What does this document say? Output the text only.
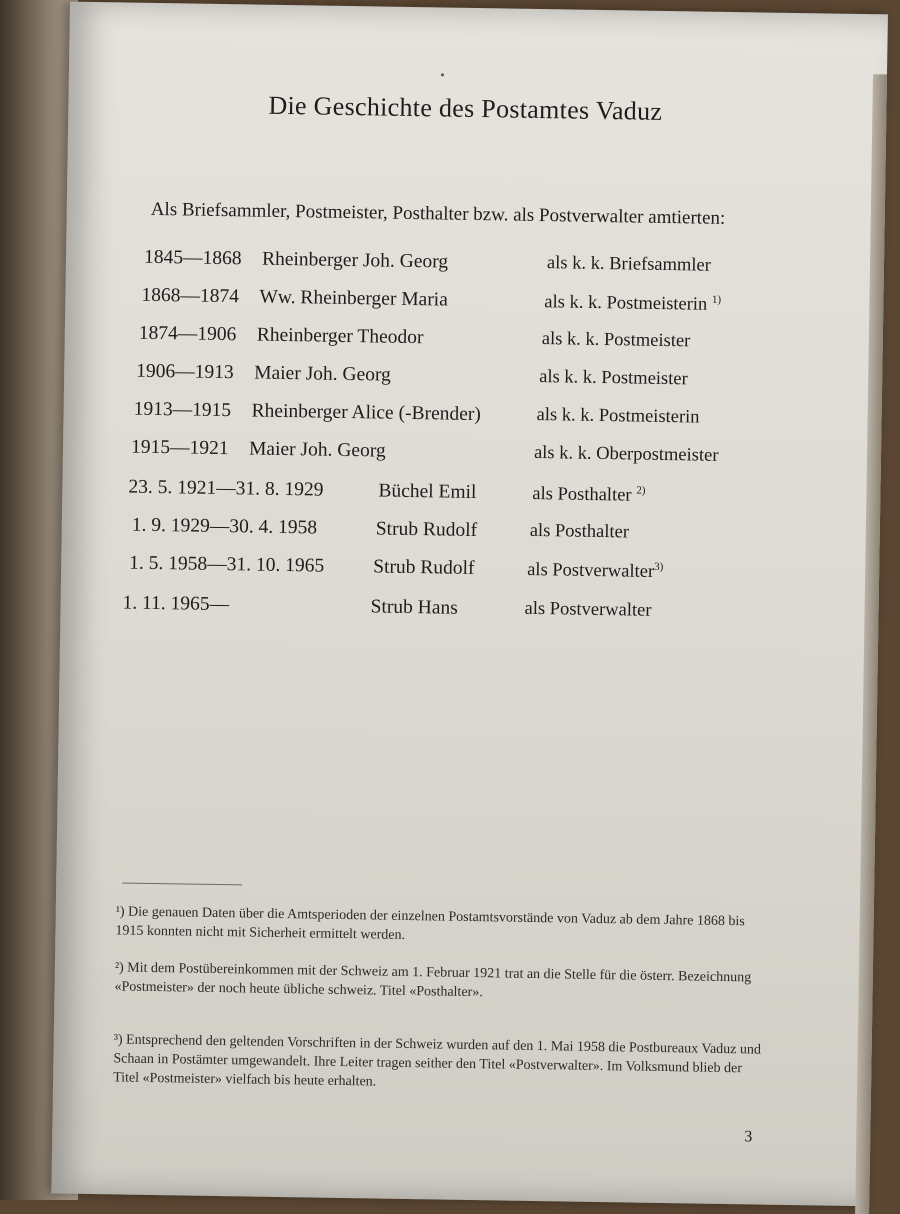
Die Geschichte des Postamtes Vaduz
Als Briefsammler, Postmeister, Posthalter bzw. als Postverwalter amtierten:
1845—1868 Rheinberger Joh. Georg	als k. k. Briefsammler
1868—1874 Ww. Rheinberger Maria	als k. k. Postmeisterin $^{1)}$
1874—1906 Rheinberger Theodor	als k. k. Postmeister
1906—1913 Maier Joh. Georg	als k. k. Postmeister
1913—1915 Rheinberger Alice (-Brender)	als k. k. Postmeisterin
1915—1921 Maier Joh. Georg	als k. k. Oberpostmeister
23. 5. 1921—31. 8. 1929	Büchel Emil	als Posthalter $^{2)}$
1. 9. 1929—30. 4. 1958	Strub Rudolf	als Posthalter
1. 5. 1958—31. 10. 1965 Strub Rudolf	als Postverwalter$^{3)}$
1. 11. 1965—	Strub Hans	als Postverwalter
¹) Die genauen Daten über die Amtsperioden der einzelnen Postamtsvorstände von Vaduz ab dem Jahre 1868 bis 1915 konnten nicht mit Sicherheit ermittelt werden.
²) Mit dem Postübereinkommen mit der Schweiz am 1. Februar 1921 trat an die Stelle für die österr. Bezeichnung «Postmeister» der noch heute übliche schweiz. Titel «Posthalter».
³) Entsprechend den geltenden Vorschriften in der Schweiz wurden auf den 1. Mai 1958 die Postbureaux Vaduz und Schaan in Postämter umgewandelt. Ihre Leiter tragen seither den Titel «Postverwalter». Im Volksmund blieb der Titel «Postmeister» vielfach bis heute erhalten.
3
